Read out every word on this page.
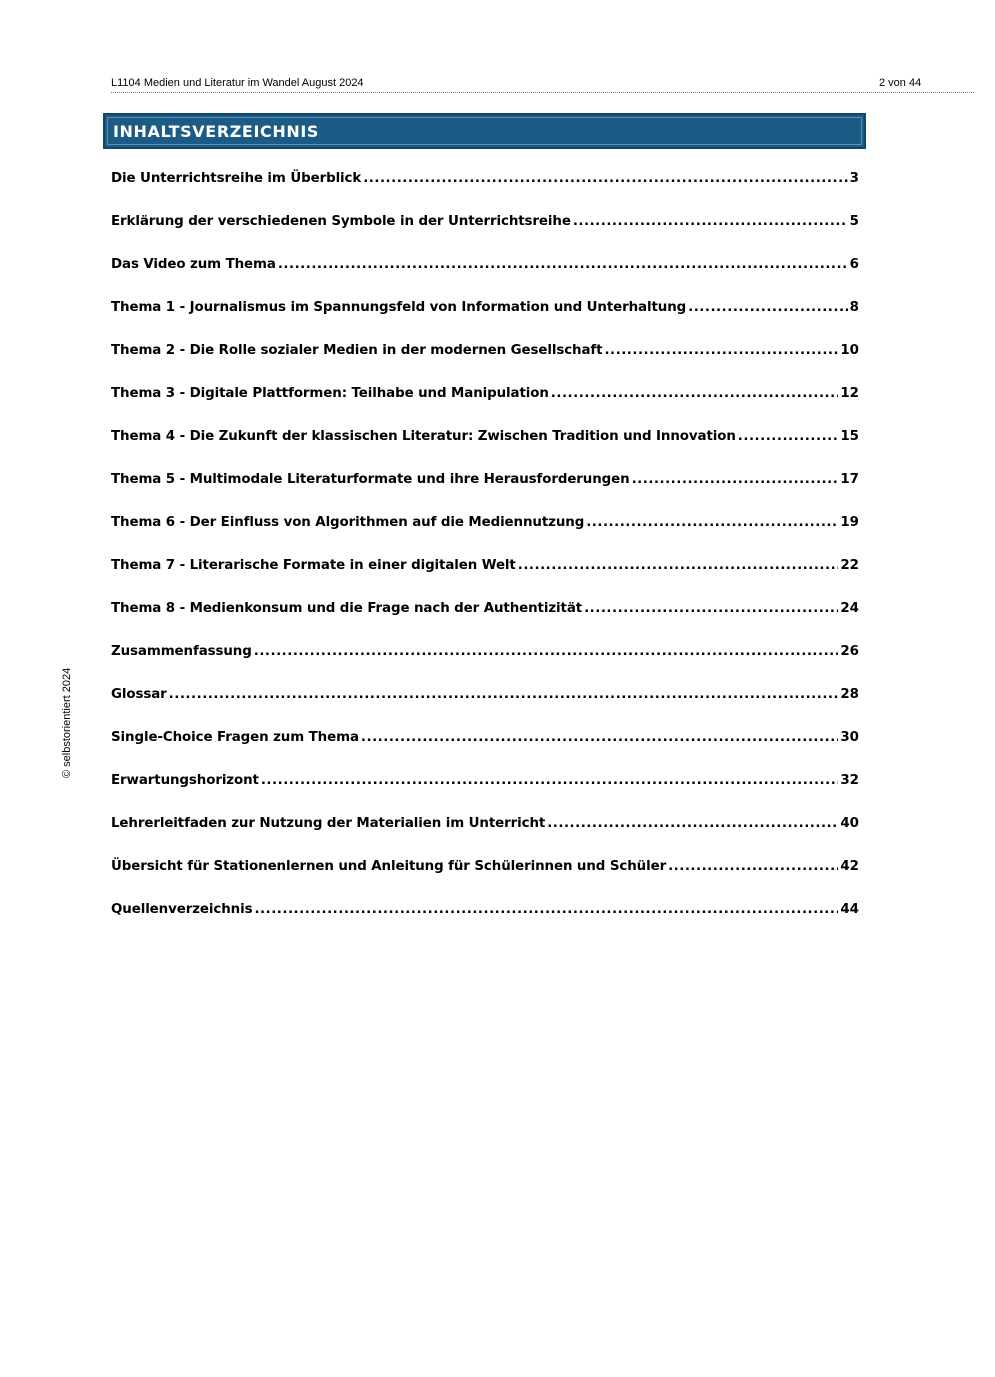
L1104 Medien und Literatur im Wandel August 2024	2 von 44
INHALTSVERZEICHNIS
Die Unterrichtsreihe im Überblick .....	3
Erklärung der verschiedenen Symbole in der Unterrichtsreihe .....	5
Das Video zum Thema .....	6
Thema 1 - Journalismus im Spannungsfeld von Information und Unterhaltung .....	8
Thema 2 - Die Rolle sozialer Medien in der modernen Gesellschaft .....	10
Thema 3 - Digitale Plattformen: Teilhabe und Manipulation .....	12
Thema 4 - Die Zukunft der klassischen Literatur: Zwischen Tradition und Innovation .....	15
Thema 5 - Multimodale Literaturformate und ihre Herausforderungen .....	17
Thema 6 - Der Einfluss von Algorithmen auf die Mediennutzung .....	19
Thema 7 - Literarische Formate in einer digitalen Welt .....	22
Thema 8 - Medienkonsum und die Frage nach der Authentizität .....	24
Zusammenfassung .....	26
Glossar .....	28
Single-Choice Fragen zum Thema .....	30
Erwartungshorizont .....	32
Lehrerleitfaden zur Nutzung der Materialien im Unterricht .....	40
Übersicht für Stationenlernen und Anleitung für Schülerinnen und Schüler .....	42
Quellenverzeichnis .....	44
© selbstorientiert 2024
